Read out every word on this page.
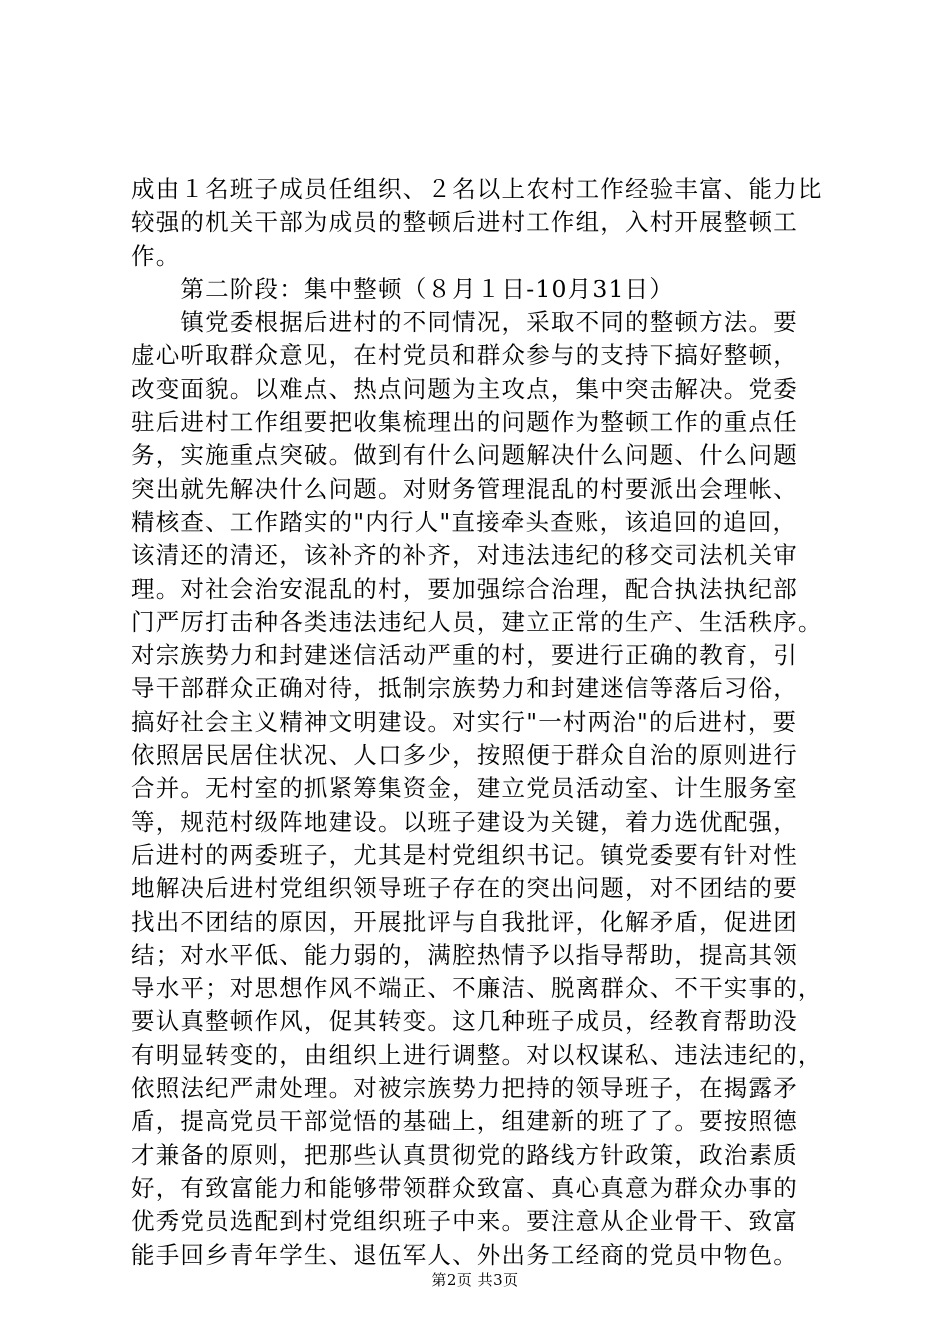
成由１名班子成员任组织、２名以上农村工作经验丰富、能力比
较强的机关干部为成员的整顿后进村工作组，入村开展整顿工
作。
　　第二阶段：集中整顿（８月１日-10月31日）
　　镇党委根据后进村的不同情况，采取不同的整顿方法。要
虚心听取群众意见，在村党员和群众参与的支持下搞好整顿，
改变面貌。以难点、热点问题为主攻点，集中突击解决。党委
驻后进村工作组要把收集梳理出的问题作为整顿工作的重点任
务，实施重点突破。做到有什么问题解决什么问题、什么问题
突出就先解决什么问题。对财务管理混乱的村要派出会理帐、
精核查、工作踏实的"内行人"直接牵头查账，该追回的追回，
该清还的清还，该补齐的补齐，对违法违纪的移交司法机关审
理。对社会治安混乱的村，要加强综合治理，配合执法执纪部
门严厉打击种各类违法违纪人员，建立正常的生产、生活秩序。
对宗族势力和封建迷信活动严重的村，要进行正确的教育，引
导干部群众正确对待，抵制宗族势力和封建迷信等落后习俗，
搞好社会主义精神文明建设。对实行"一村两治"的后进村，要
依照居民居住状况、人口多少，按照便于群众自治的原则进行
合并。无村室的抓紧筹集资金，建立党员活动室、计生服务室
等，规范村级阵地建设。以班子建设为关键，着力选优配强，
后进村的两委班子，尤其是村党组织书记。镇党委要有针对性
地解决后进村党组织领导班子存在的突出问题，对不团结的要
找出不团结的原因，开展批评与自我批评，化解矛盾，促进团
结；对水平低、能力弱的，满腔热情予以指导帮助，提高其领
导水平；对思想作风不端正、不廉洁、脱离群众、不干实事的，
要认真整顿作风，促其转变。这几种班子成员，经教育帮助没
有明显转变的，由组织上进行调整。对以权谋私、违法违纪的，
依照法纪严肃处理。对被宗族势力把持的领导班子，在揭露矛
盾，提高党员干部觉悟的基础上，组建新的班了了。要按照德
才兼备的原则，把那些认真贯彻党的路线方针政策，政治素质
好，有致富能力和能够带领群众致富、真心真意为群众办事的
优秀党员选配到村党组织班子中来。要注意从企业骨干、致富
能手回乡青年学生、退伍军人、外出务工经商的党员中物色。
第2页 共3页
